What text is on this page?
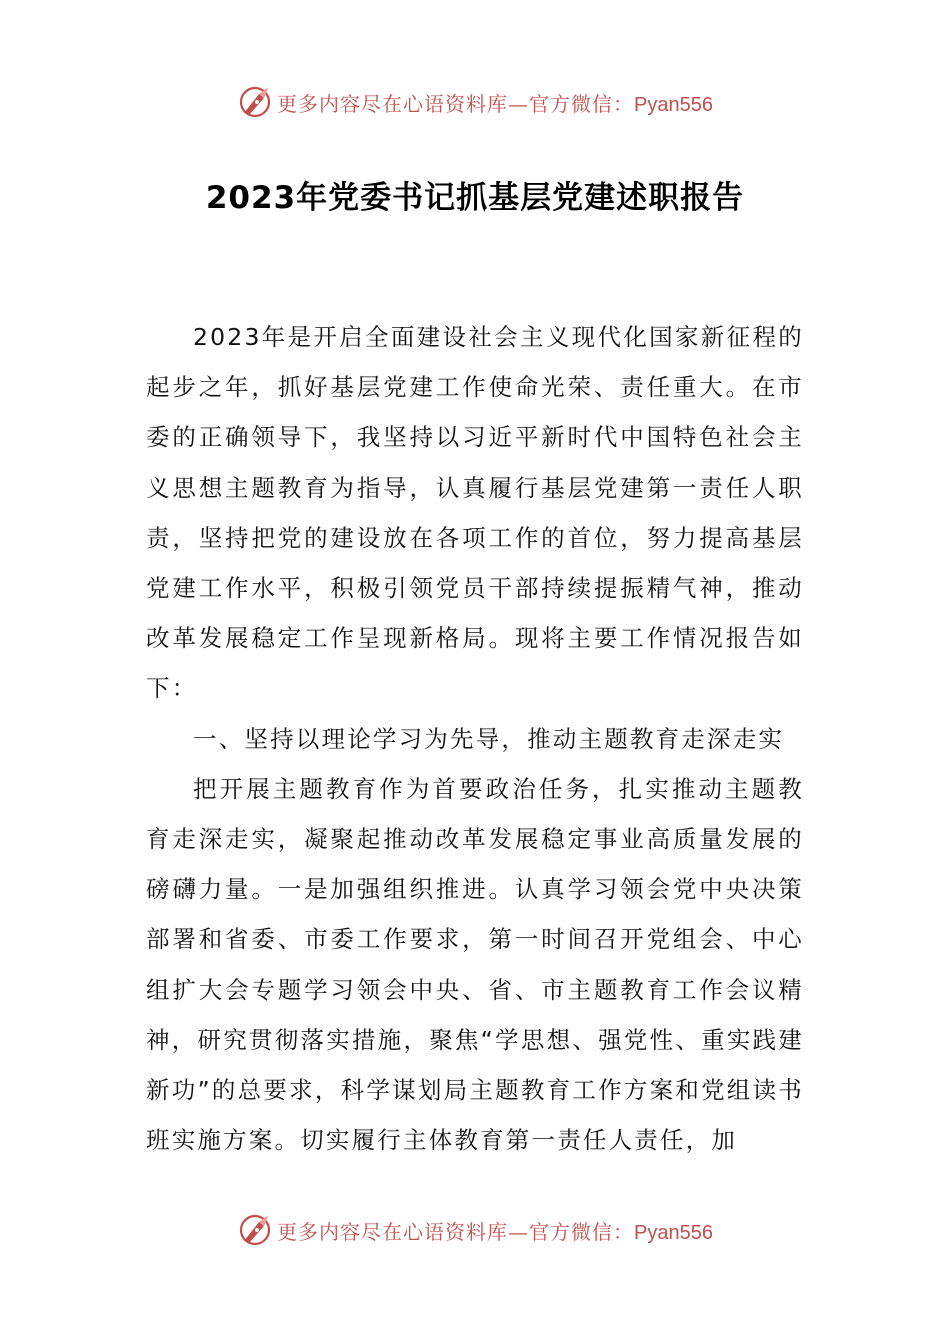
更多内容尽在心语资料库—官方微信：Pyan556
2023年党委书记抓基层党建述职报告

2023年是开启全面建设社会主义现代化国家新征程的起步之年，抓好基层党建工作使命光荣、责任重大。在市委的正确领导下，我坚持以习近平新时代中国特色社会主义思想主题教育为指导，认真履行基层党建第一责任人职责，坚持把党的建设放在各项工作的首位，努力提高基层党建工作水平，积极引领党员干部持续提振精气神，推动改革发展稳定工作呈现新格局。现将主要工作情况报告如下：

一、坚持以理论学习为先导，推动主题教育走深走实

把开展主题教育作为首要政治任务，扎实推动主题教育走深走实，凝聚起推动改革发展稳定事业高质量发展的磅礴力量。一是加强组织推进。认真学习领会党中央决策部署和省委、市委工作要求，第一时间召开党组会、中心组扩大会专题学习领会中央、省、市主题教育工作会议精神，研究贯彻落实措施，聚焦“学思想、强党性、重实践建新功”的总要求，科学谋划局主题教育工作方案和党组读书班实施方案。切实履行主体教育第一责任人责任，加

更多内容尽在心语资料库—官方微信：Pyan556
